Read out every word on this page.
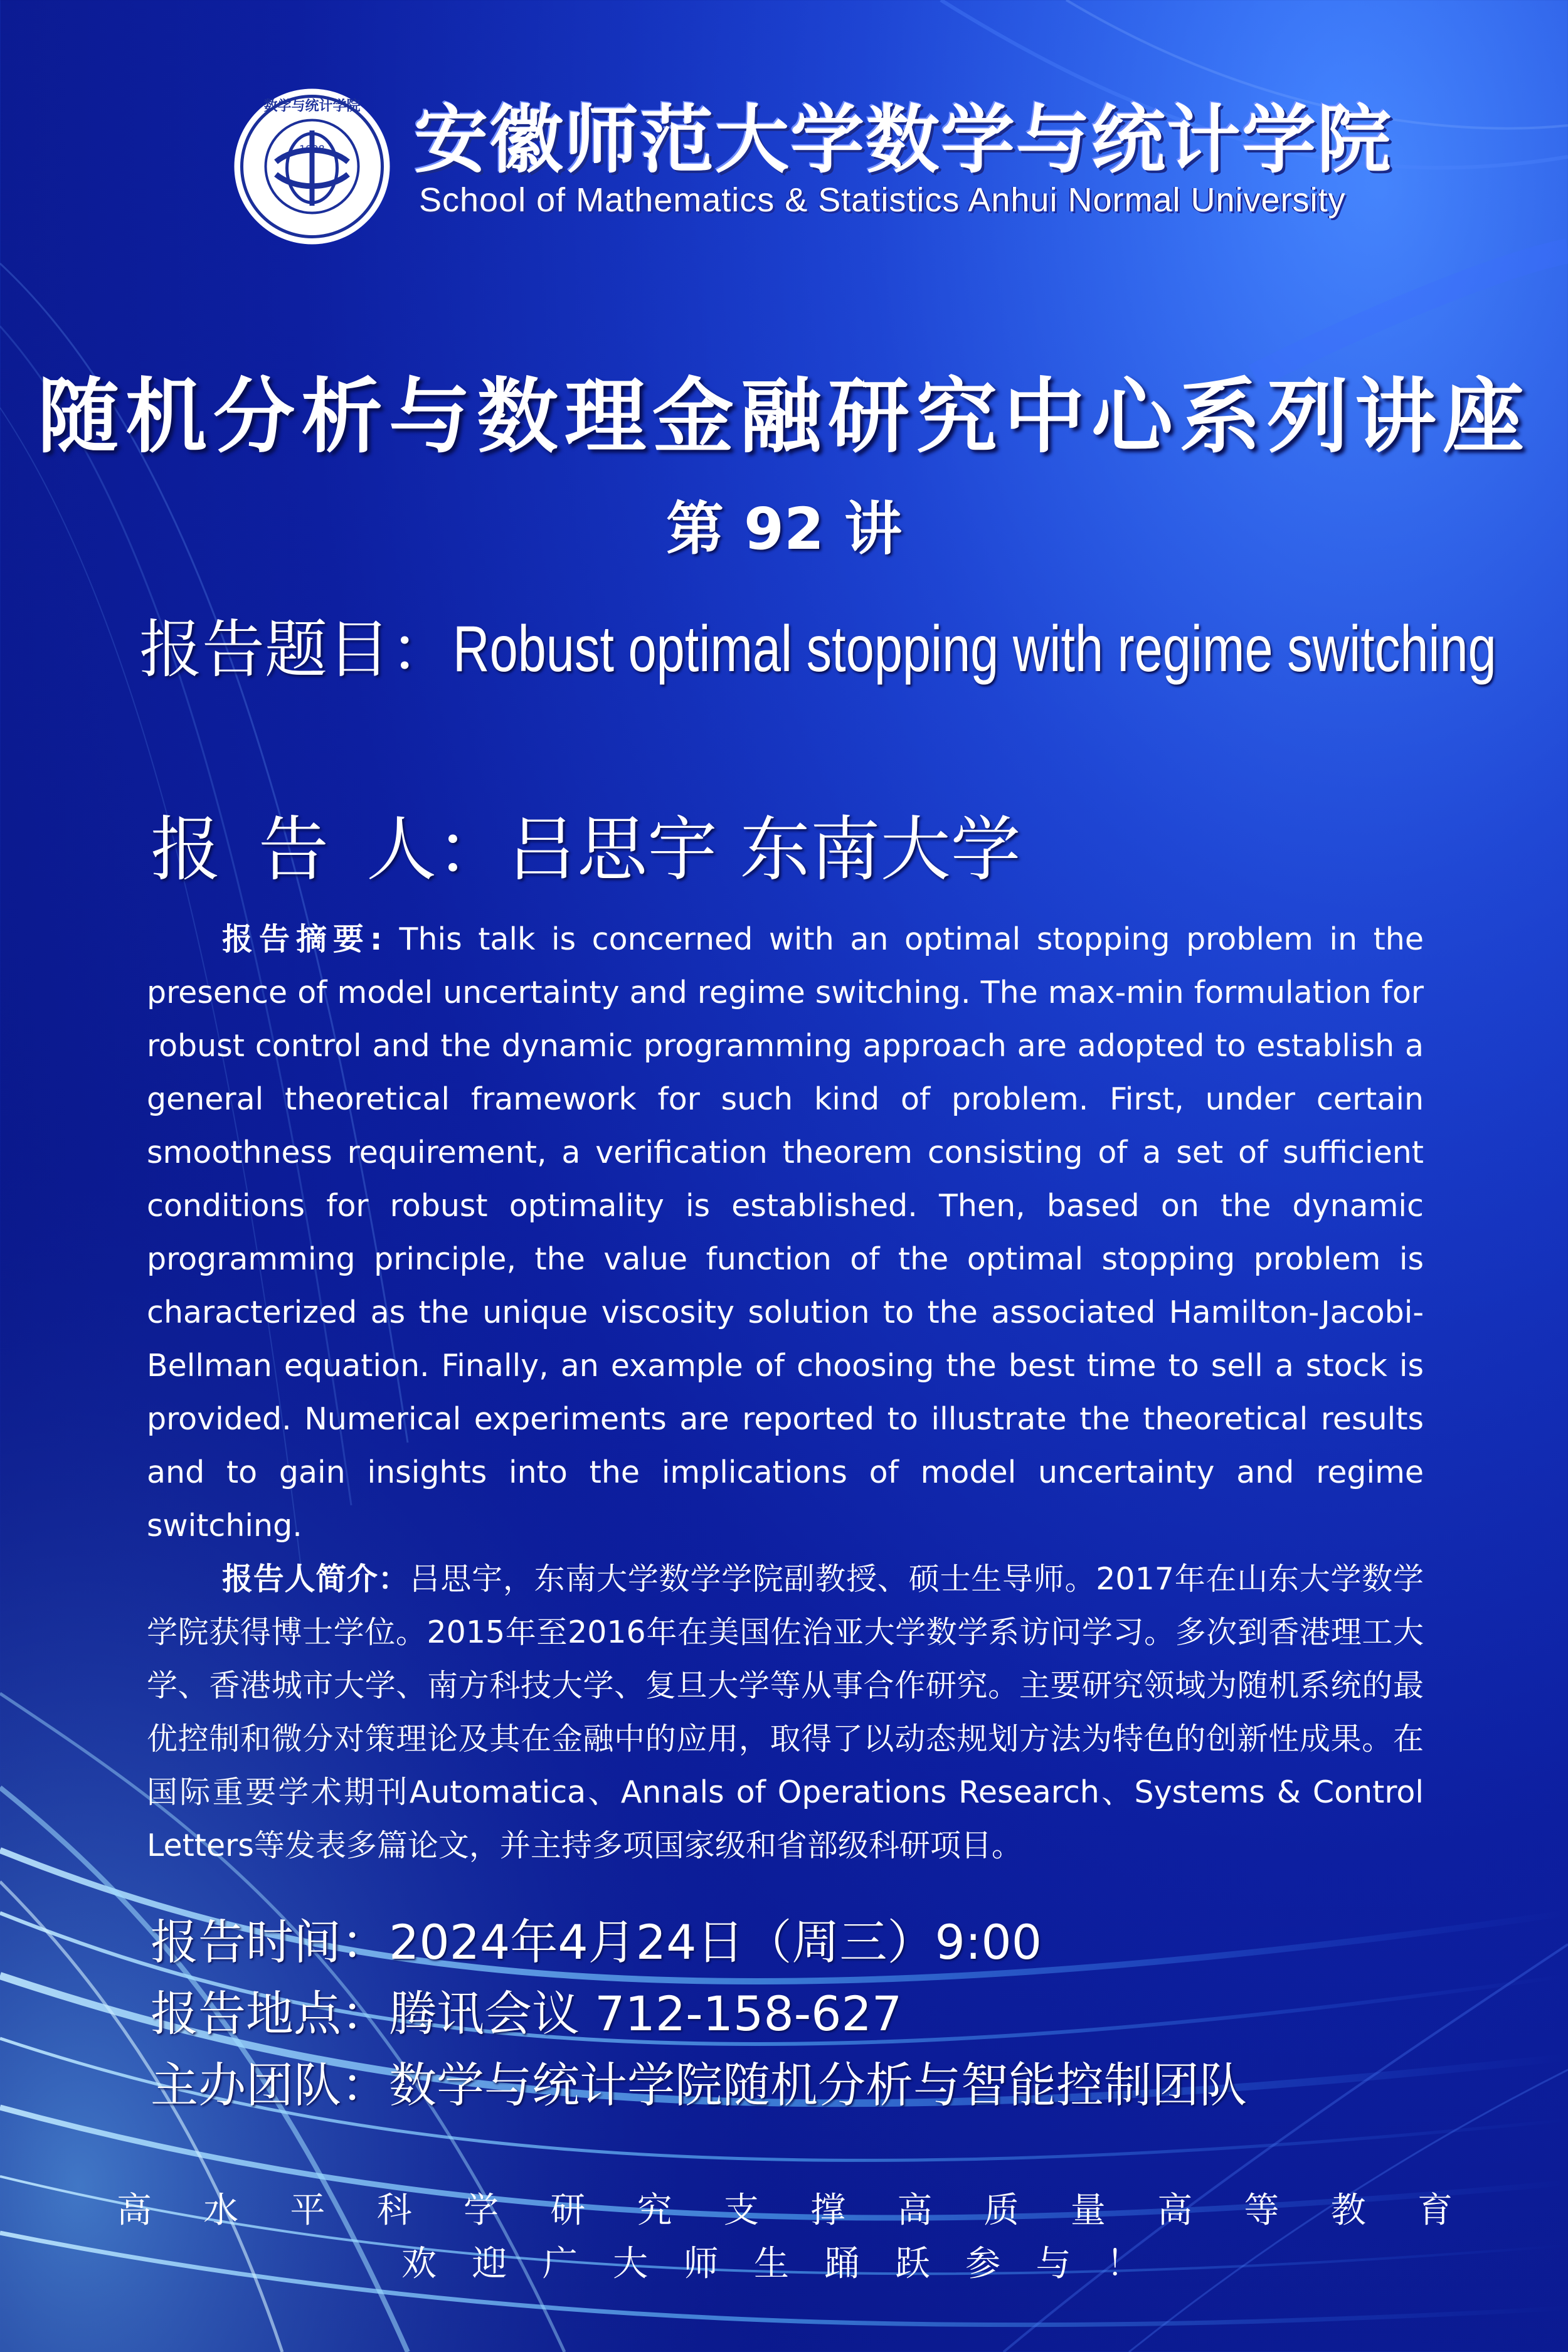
1928
数学与统计学院 安徽师范大学数学与统计学院
School of Mathematics & Statistics Anhui Normal University
随机分析与数理金融研究中心系列讲座
第 92 讲
报告题目：Robust optimal stopping with regime switching
报 告 人：吕思宇 东南大学

报告摘要: This talk is concerned with an optimal stopping problem in the presence of model uncertainty and regime switching. The max-min formulation for robust control and the dynamic programming approach are adopted to establish a general theoretical framework for such kind of problem. First, under certain smoothness requirement, a verification theorem consisting of a set of sufficient conditions for robust optimality is established. Then, based on the dynamic programming principle, the value function of the optimal stopping problem is characterized as the unique viscosity solution to the associated Hamilton-Jacobi-Bellman equation. Finally, an example of choosing the best time to sell a stock is provided. Numerical experiments are reported to illustrate the theoretical results and to gain insights into the implications of model uncertainty and regime switching.

报告人简介：吕思宇，东南大学数学学院副教授、硕士生导师。2017年在山东大学数学学院获得博士学位。2015年至2016年在美国佐治亚大学数学系访问学习。多次到香港理工大学、香港城市大学、南方科技大学、复旦大学等从事合作研究。主要研究领域为随机系统的最优控制和微分对策理论及其在金融中的应用，取得了以动态规划方法为特色的创新性成果。在国际重要学术期刊Automatica、Annals of Operations Research、Systems & Control Letters等发表多篇论文，并主持多项国家级和省部级科研项目。

报告时间：2024年4月24日（周三）9:00
报告地点：腾讯会议 712-158-627
主办团队：数学与统计学院随机分析与智能控制团队
高 水 平 科 学 研 究 支 撑 高 质 量 高 等 教 育
欢 迎 广 大 师 生 踊 跃 参 与 ！
